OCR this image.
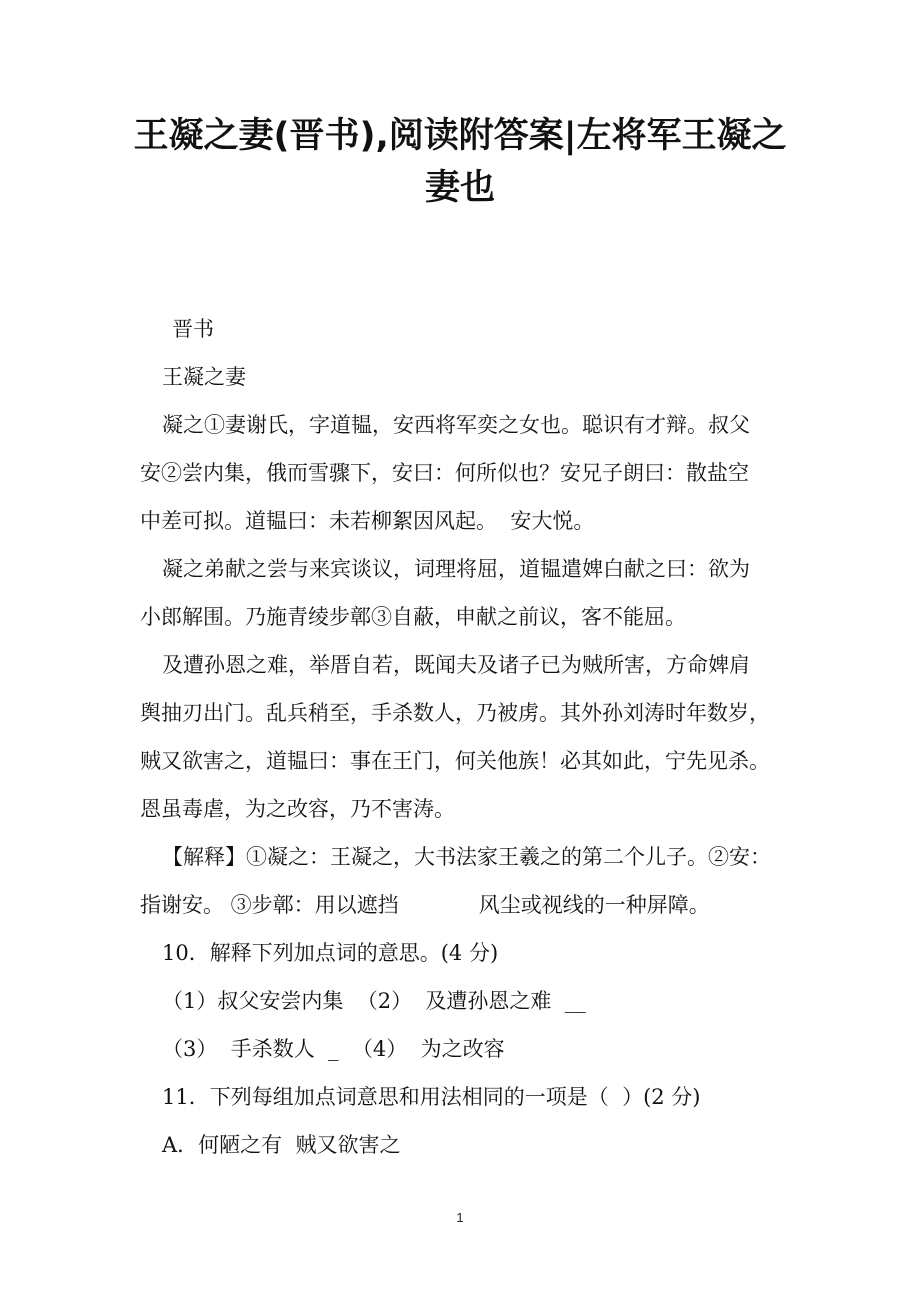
王凝之妻(晋书),阅读附答案|左将军王凝之
妻也
晋书
王凝之妻
凝之①妻谢氏，字道韫，安西将军奕之女也。聪识有才辩。叔父
安②尝内集，俄而雪骤下，安曰：何所似也？安兄子朗曰：散盐空
中差可拟。道韫曰：未若柳絮因风起。  安大悦。
凝之弟献之尝与来宾谈议，词理将屈，道韫遣婢白献之曰：欲为
小郎解围。乃施青绫步鄣③自蔽，申献之前议，客不能屈。
及遭孙恩之难，举厝自若，既闻夫及诸子已为贼所害，方命婢肩
舆抽刃出门。乱兵稍至，手杀数人，乃被虏。其外孙刘涛时年数岁，
贼又欲害之，道韫曰：事在王门，何关他族！必其如此，宁先见杀。
恩虽毒虐，为之改容，乃不害涛。
【解释】①凝之：王凝之，大书法家王羲之的第二个儿子。②安：
指谢安。 ③步鄣：用以遮挡            风尘或视线的一种屏障。
10．解释下列加点词的意思。(4 分)
（1）叔父安尝内集  （2）  及遭孙恩之难  __
（3）  手杀数人  _  （4）  为之改容
11．下列每组加点词意思和用法相同的一项是（  ）(2 分)
A．何陋之有  贼又欲害之
1
